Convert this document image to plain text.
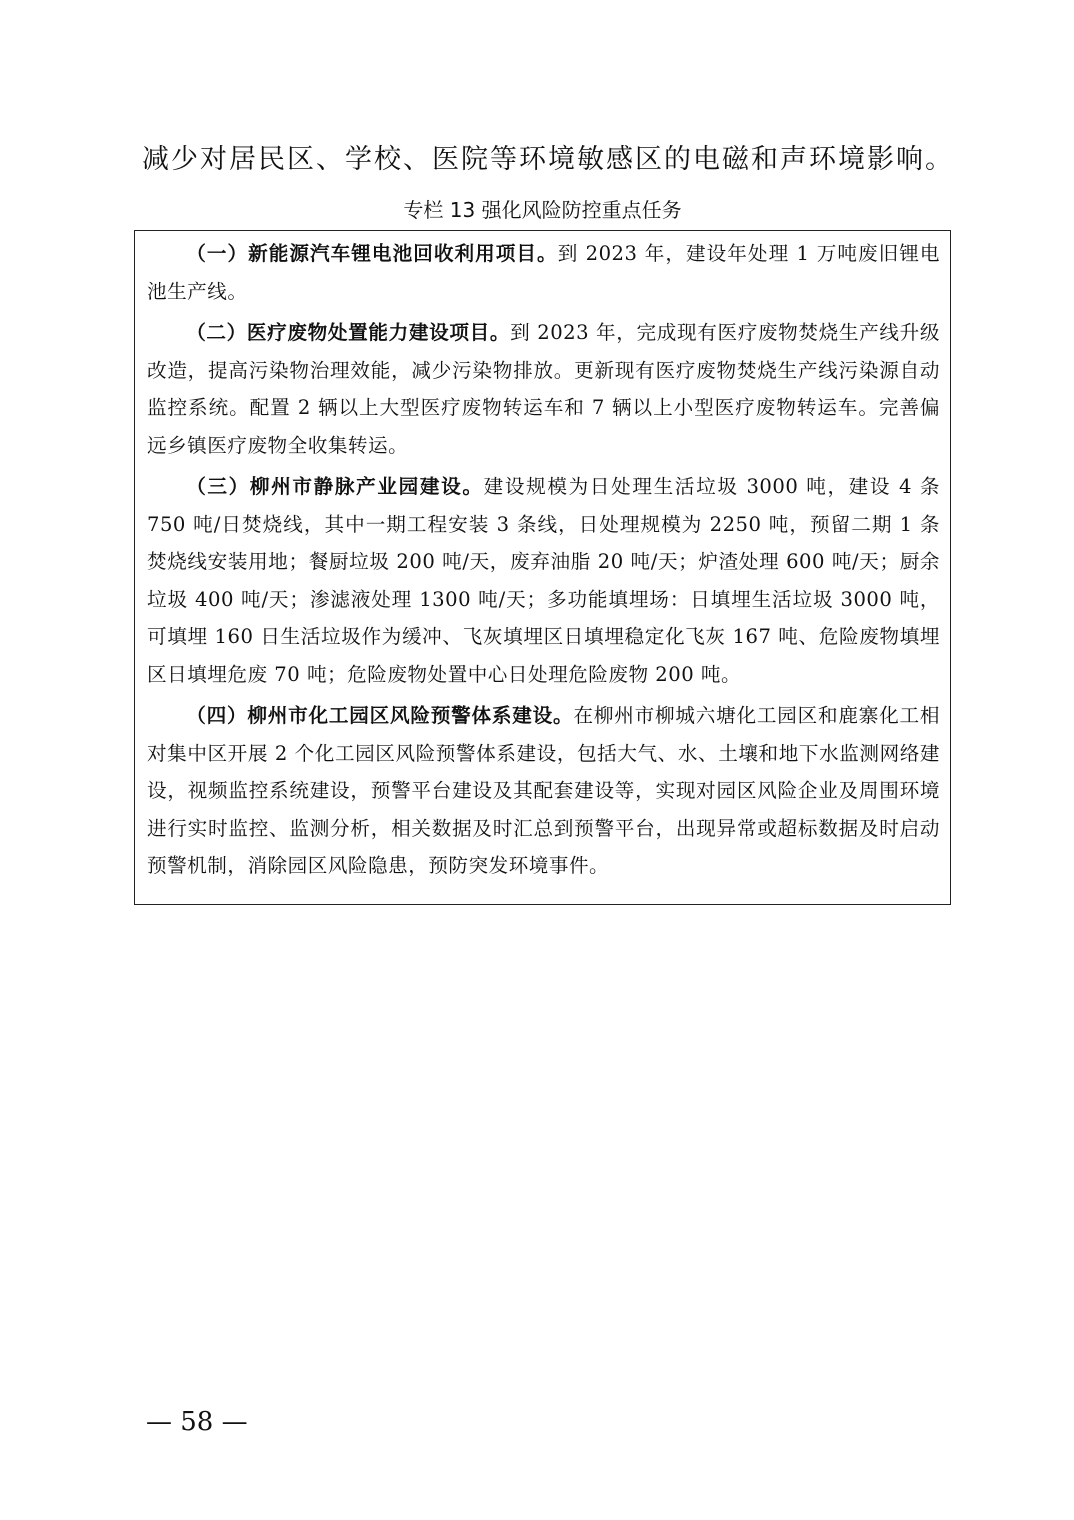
减少对居民区、学校、医院等环境敏感区的电磁和声环境影响。

专栏 13 强化风险防控重点任务

（一）新能源汽车锂电池回收利用项目。到 2023 年，建设年处理 1 万吨废旧锂电池生产线。

（二）医疗废物处置能力建设项目。到 2023 年，完成现有医疗废物焚烧生产线升级改造，提高污染物治理效能，减少污染物排放。更新现有医疗废物焚烧生产线污染源自动监控系统。配置 2 辆以上大型医疗废物转运车和 7 辆以上小型医疗废物转运车。完善偏远乡镇医疗废物全收集转运。

（三）柳州市静脉产业园建设。建设规模为日处理生活垃圾 3000 吨，建设 4 条 750 吨/日焚烧线，其中一期工程安装 3 条线，日处理规模为 2250 吨，预留二期 1 条焚烧线安装用地；餐厨垃圾 200 吨/天，废弃油脂 20 吨/天；炉渣处理 600 吨/天；厨余垃圾 400 吨/天；渗滤液处理 1300 吨/天；多功能填埋场：日填埋生活垃圾 3000 吨，可填埋 160 日生活垃圾作为缓冲、飞灰填埋区日填埋稳定化飞灰 167 吨、危险废物填埋区日填埋危废 70 吨；危险废物处置中心日处理危险废物 200 吨。

（四）柳州市化工园区风险预警体系建设。在柳州市柳城六塘化工园区和鹿寨化工相对集中区开展 2 个化工园区风险预警体系建设，包括大气、水、土壤和地下水监测网络建设，视频监控系统建设，预警平台建设及其配套建设等，实现对园区风险企业及周围环境进行实时监控、监测分析，相关数据及时汇总到预警平台，出现异常或超标数据及时启动预警机制，消除园区风险隐患，预防突发环境事件。

— 58 —
